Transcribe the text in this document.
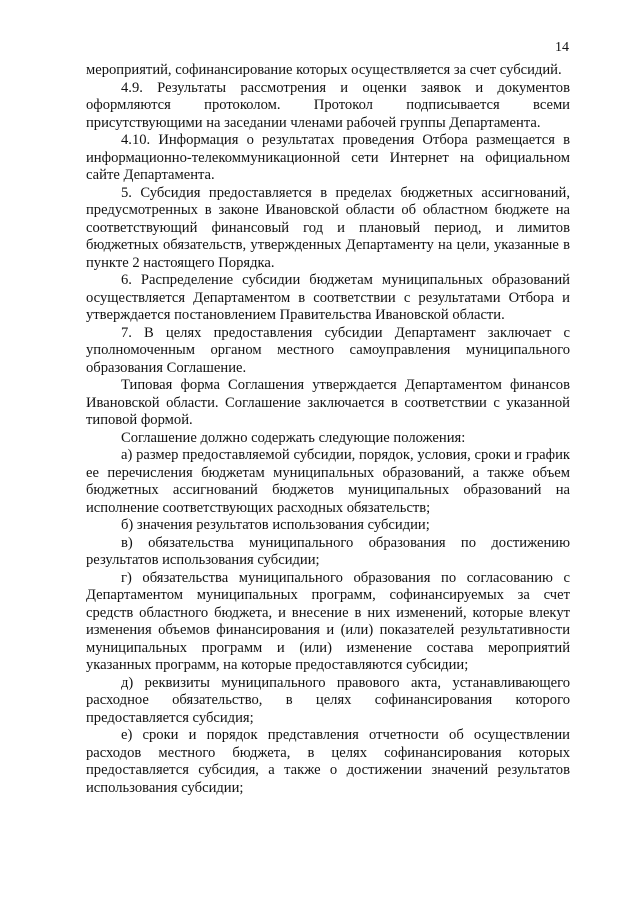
14

мероприятий, софинансирование которых осуществляется за счет субсидий.

4.9. Результаты рассмотрения и оценки заявок и документов оформляются протоколом. Протокол подписывается всеми присутствующими на заседании членами рабочей группы Департамента.

4.10. Информация о результатах проведения Отбора размещается в информационно-телекоммуникационной сети Интернет на официальном сайте Департамента.

5. Субсидия предоставляется в пределах бюджетных ассигнований, предусмотренных в законе Ивановской области об областном бюджете на соответствующий финансовый год и плановый период, и лимитов бюджетных обязательств, утвержденных Департаменту на цели, указанные в пункте 2 настоящего Порядка.

6. Распределение субсидии бюджетам муниципальных образований осуществляется Департаментом в соответствии с результатами Отбора и утверждается постановлением Правительства Ивановской области.

7. В целях предоставления субсидии Департамент заключает с уполномоченным органом местного самоуправления муниципального образования Соглашение.

Типовая форма Соглашения утверждается Департаментом финансов Ивановской области. Соглашение заключается в соответствии с указанной типовой формой.

Соглашение должно содержать следующие положения:

а) размер предоставляемой субсидии, порядок, условия, сроки и график ее перечисления бюджетам муниципальных образований, а также объем бюджетных ассигнований бюджетов муниципальных образований на исполнение соответствующих расходных обязательств;

б) значения результатов использования субсидии;

в) обязательства муниципального образования по достижению результатов использования субсидии;

г) обязательства муниципального образования по согласованию с Департаментом муниципальных программ, софинансируемых за счет средств областного бюджета, и внесение в них изменений, которые влекут изменения объемов финансирования и (или) показателей результативности муниципальных программ и (или) изменение состава мероприятий указанных программ, на которые предоставляются субсидии;

д) реквизиты муниципального правового акта, устанавливающего расходное обязательство, в целях софинансирования которого предоставляется субсидия;

е) сроки и порядок представления отчетности об осуществлении расходов местного бюджета, в целях софинансирования которых предоставляется субсидия, а также о достижении значений результатов использования субсидии;
